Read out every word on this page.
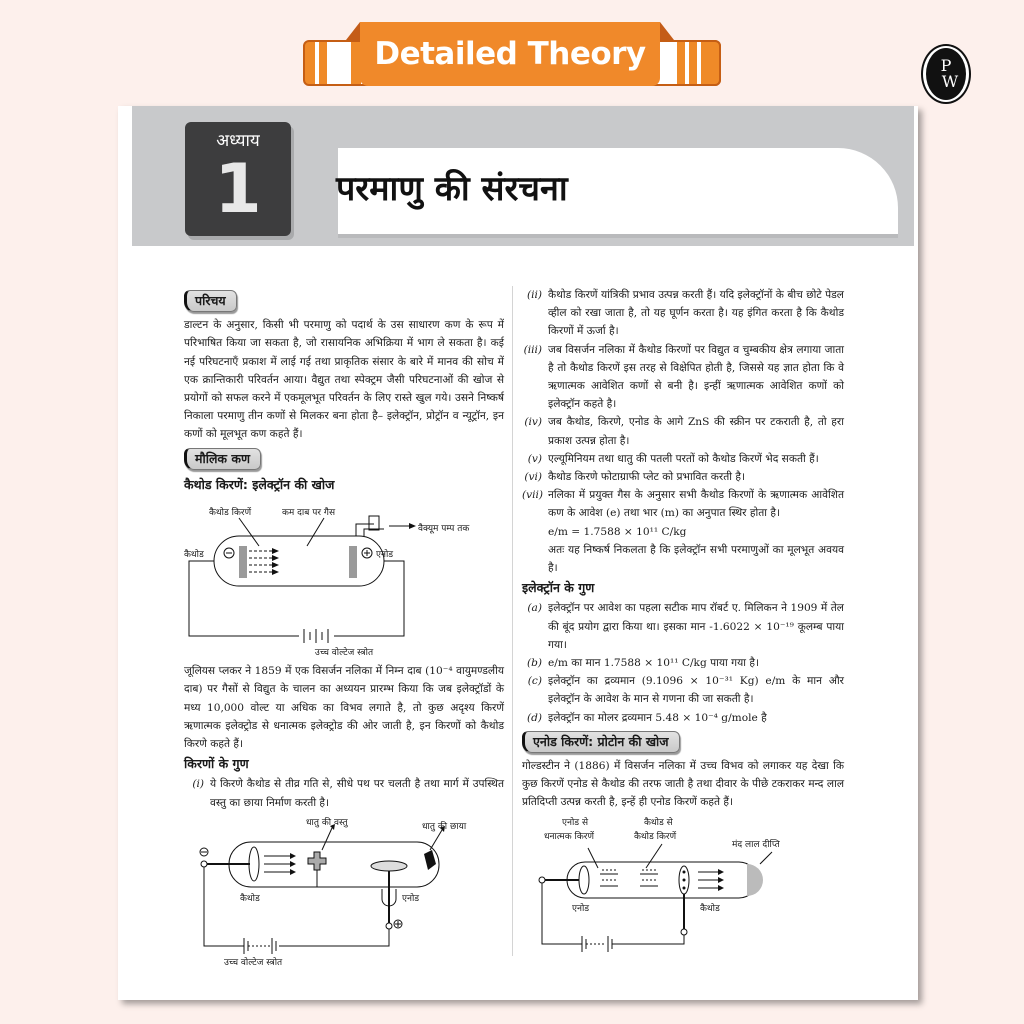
Detailed Theory	P
W
अध्याय
1 परमाणु की संरचना
परिचय

डाल्टन के अनुसार, किसी भी परमाणु को पदार्थ के उस साधारण कण के रूप में परिभाषित किया जा सकता है, जो रासायनिक अभिक्रिया में भाग ले सकता है। कई नई परिघटनाएँ प्रकाश में लाई गई तथा प्राकृतिक संसार के बारे में मानव की सोच में एक क्रान्तिकारी परिवर्तन आया। वैद्युत तथा स्पेक्ट्रम जैसी परिघटनाओं की खोज से प्रयोगों को सफल करने में एकमूलभूत परिवर्तन के लिए रास्ते खुल गये। उसने निष्कर्ष निकाला परमाणु तीन कणों से मिलकर बना होता है– इलेक्ट्रॉन, प्रोट्रॉन व न्यूट्रॉन, इन कणों को मूलभूत कण कहते हैं।

मौलिक कण
कैथोड किरणें: इलेक्ट्रॉन की खोज
कैथोड किरणें	कम दाब पर गैस
वैक्यूम पम्प तक
कैथोड	एनोड
उच्च वोल्टेज स्त्रोत

जूलियस प्लकर ने 1859 में एक विसर्जन नलिका में निम्न दाब (10⁻⁴ वायुमण्डलीय दाब) पर गैसों से विद्युत के चालन का अध्ययन प्रारम्भ किया कि जब इलेक्ट्रॉडों के मध्य 10,000 वोल्ट या अधिक का विभव लगाते है, तो कुछ अदृश्य किरणें ऋणात्मक इलेक्ट्रोड से धनात्मक इलेक्ट्रोड की ओर जाती है, इन किरणों को कैथोड किरणे कहते हैं।

किरणों के गुण
(i) ये किरणे कैथोड से तीव्र गति से, सीधे पथ पर चलती है तथा मार्ग में उपस्थित वस्तु का छाया निर्माण करती है।
धातु की वस्तु	धातु की छाया
कैथोड	एनोड
उच्च वोल्टेज स्त्रोत
(ii) कैथोड किरणें यांत्रिकी प्रभाव उत्पन्न करती हैं। यदि इलेक्ट्रॉनों के बीच छोटे पेडल व्हील को रखा जाता है, तो यह घूर्णन करता है। यह इंगित करता है कि कैथोड किरणों में ऊर्जा है।
(iii) जब विसर्जन नलिका में कैथोड किरणों पर विद्युत व चुम्बकीय क्षेत्र लगाया जाता है तो कैथोड किरणें इस तरह से विक्षेपित होती है, जिससे यह ज्ञात होता कि वे ऋणात्मक आवेशित कणों से बनी है। इन्हीं ऋणात्मक आवेशित कणों को इलेक्ट्रॉन कहते है।
(iv) जब कैथोड, किरणे, एनोड के आगे ZnS की स्क्रीन पर टकराती है, तो हरा प्रकाश उत्पन्न होता है।
(v) एल्यूमिनियम तथा धातु की पतली परतों को कैथोड किरणें भेद सकती हैं।
(vi) कैथोड किरणे फोटाग्राफी प्लेट को प्रभावित करती है।
(vii) नलिका में प्रयुक्त गैस के अनुसार सभी कैथोड किरणों के ऋणात्मक आवेशित कण के आवेश (e) तथा भार (m) का अनुपात स्थिर होता है।
e/m = 1.7588 × 10¹¹ C/kg
अतः यह निष्कर्ष निकलता है कि इलेक्ट्रॉन सभी परमाणुओं का मूलभूत अवयव है।
इलेक्ट्रॉन के गुण
(a) इलेक्ट्रॉन पर आवेश का पहला सटीक माप रॉबर्ट ए. मिलिकन ने 1909 में तेल की बूंद प्रयोग द्वारा किया था। इसका मान -1.6022 × 10⁻¹⁹ कूलम्ब पाया गया।
(b) e/m का मान 1.7588 × 10¹¹ C/kg पाया गया है।
(c) इलेक्ट्रॉन का द्रव्यमान (9.1096 × 10⁻³¹ Kg) e/m के मान और इलेक्ट्रॉन के आवेश के मान से गणना की जा सकती है।
(d) इलेक्ट्रॉन का मोलर द्रव्यमान 5.48 × 10⁻⁴ g/mole है
एनोड किरणें: प्रोटोन की खोज

गोल्डस्टीन ने (1886) में विसर्जन नलिका में उच्च विभव को लगाकर यह देखा कि कुछ किरणें एनोड से कैथोड की तरफ जाती है तथा दीवार के पीछे टकराकर मन्द लाल प्रतिदिप्ती उत्पन्न करती है, इन्हें ही एनोड किरणें कहते हैं।

एनोड से
धनात्मक किरणें
कैथोड से
कैथोड किरणें
मंद लाल दीप्ति
एनोड	कैथोड
